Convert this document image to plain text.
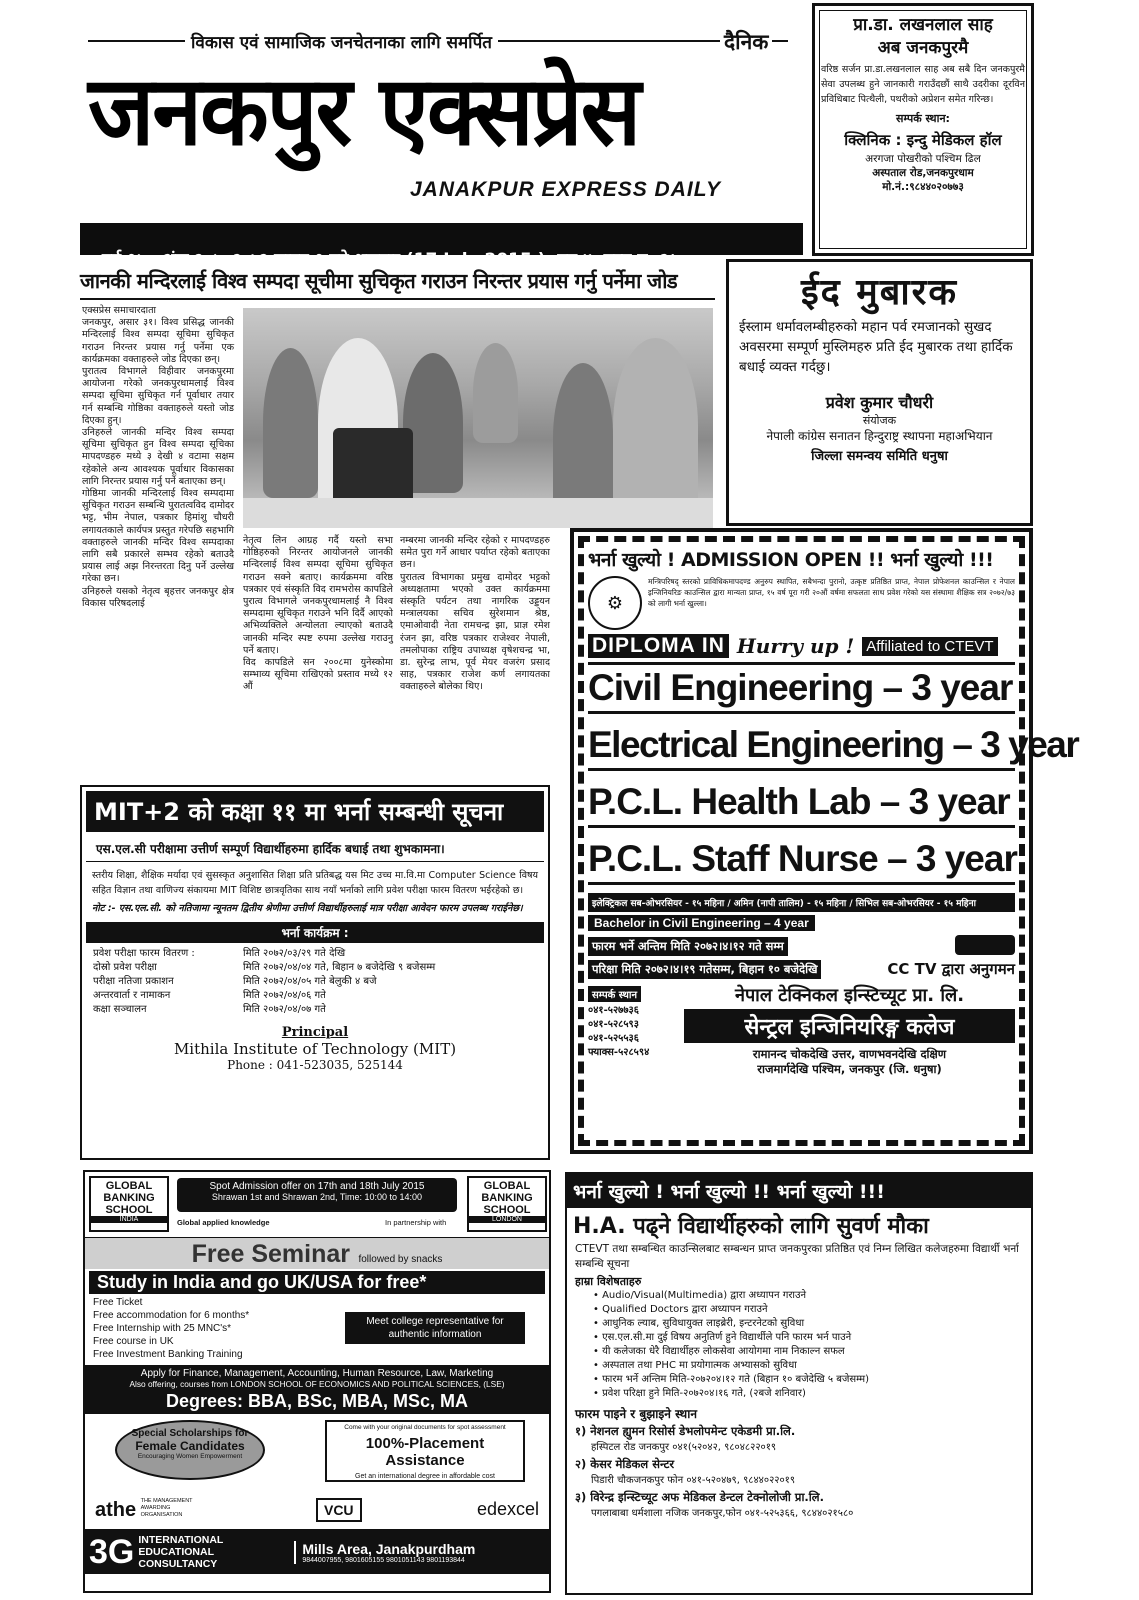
विकास एवं सामाजिक जनचेतनाका लागि समर्पित	दैनिक
जनकपुर एक्सप्रेस
JANAKPUR EXPRESS DAILY

वर्ष १५   अंक ३०५  २०७२ साउन १ गते शुक्रवार (17 July 2015 )  पृष्ठ ४  मूल्य रु. ३।-

प्रा.डा. लखनलाल साह
अब जनकपुरमै
वरिष्ठ सर्जन प्रा.डा.लखनलाल साह अब सबै दिन जनकपुरमै सेवा उपलब्ध हुने जानकारी गराउँदछौं साथै उदरीका दूरविन प्रविधिबाट पित्थैली, पथरीको अप्रेशन समेत गरिन्छ।
सम्पर्क स्थान:
क्लिनिक : इन्दु मेडिकल हॉल
अरगजा पोखरीको पश्चिम ढिल
अस्पताल रोड,जनकपुरधाम
मो.नं.:९८४४०२०७७३
जानकी मन्दिरलाई विश्व सम्पदा सूचीमा सुचिकृत गराउन निरन्तर प्रयास गर्नु पर्नेमा जोड
एक्सप्रेस समाचारदाता
जनकपुर, असार ३१। विश्व प्रसिद्ध जानकी मन्दिरलाई विश्व सम्पदा सूचिमा सुचिकृत गराउन निरन्तर प्रयास गर्नु पर्नेमा एक कार्यक्रमका वक्ताहरुले जोड दिएका छन्।
पुरातत्व विभागले विहीवार जनकपुरमा आयोजना गरेको जनकपुरधामलाई विश्व सम्पदा सूचिमा सुचिकृत गर्न पूर्वाधार तयार गर्न सम्बन्धि गोष्ठिका वक्ताहरुले यस्तो जोड दिएका हुन्।
उनिहरुले जानकी मन्दिर विश्व सम्पदा सूचिमा सुचिकृत हुन विश्व सम्पदा सूचिका मापदण्डहरु मध्ये ३ देखी ४ वटामा सक्षम रहेकोले अन्य आवश्यक पूर्वाधार विकासका लागि निरन्तर प्रयास गर्नु पर्ने बताएका छन्।
गोष्ठिमा जानकी मन्दिरलाई विश्व सम्पदामा सुचिकृत गराउन सम्बन्धि पुरातत्वविद दामोदर भट्ट, भीम नेपाल, पत्रकार हिमांशु चौधरी लगायतकाले कार्यपत्र प्रस्तुत गरेपछि सहभागि वक्ताहरुले जानकी मन्दिर विश्व सम्पदाका लागि सबै प्रकारले सम्भव रहेको बताउदै प्रयास लाई अझ निरन्तरता दिनु पर्ने उल्लेख गरेका छन।
उनिहरुले यसको नेतृत्व बृहत्तर जनकपुर क्षेत्र विकास परिषदलाई
नेतृत्व लिन आग्रह गर्दै यस्तो सभा गोष्ठिहरुको निरन्तर आयोजनले जानकी मन्दिरलाई विश्व सम्पदा सूचिमा सुचिकृत गराउन सक्ने बताए। कार्यक्रममा वरिष्ठ पत्रकार एवं संस्कृति विद रामभरोस कापडिले पुरात्व विभागले जनकपुरधामलाई नै विश्व सम्पदामा सूचिकृत गराउने भनि दिर्दै आएको अभिव्यक्तिले अन्योलता ल्याएको बताउदै जानकी मन्दिर स्पष्ट रुपमा उल्लेख गराउनु पर्ने बताए।
विद कापडिले सन २००८मा युनेस्कोमा सम्भाव्य सूचिमा राखिएको प्रस्ताव मध्ये १२ औं
नम्बरमा जानकी मन्दिर रहेको र मापदण्डहरु समेत पुरा गर्ने आधार पर्याप्त रहेको बताएका छन।
पुरातत्व विभागका प्रमुख दामोदर भट्टको अध्यक्षतामा भएको उक्त कार्यक्रममा संस्कृति पर्यटन तथा नागरिक उड्डयन मन्त्रालयका सचिव सुरेशमान श्रेष्ठ, एमाओवादी नेता रामचन्द्र झा, प्राज्ञ रमेश रंजन झा, वरिष्ठ पत्रकार राजेश्वर नेपाली, तमलोपाका राष्ट्रिय उपाध्यक्ष वृषेशचन्द्र भा, डा. सुरेन्द्र लाभ, पूर्व मेयर वजरंग प्रसाद साह, पत्रकार राजेश कर्ण लगायतका वक्ताहरुले बोलेका थिए।
ईद मुबारक
ईस्लाम धर्मावलम्बीहरुको महान पर्व रमजानको सुखद अवसरमा सम्पूर्ण मुस्लिमहरु प्रति ईद मुबारक तथा हार्दिक बधाई व्यक्त गर्दछु।
प्रवेश कुमार चौधरी
संयोजक
नेपाली कांग्रेस सनातन हिन्दुराष्ट्र स्थापना महाअभियान
जिल्ला समन्वय समिति धनुषा
भर्ना खुल्यो ! ADMISSION OPEN !! भर्ना खुल्यो !!!
⚙
मन्त्रिपरिषद् स्तरको प्राविधिकमापदण्ड अनुरुप स्थापित, सबैभन्दा पुरानो, उत्कृष्ट प्रतिष्ठित प्राप्त, नेपाल प्रोफेशनल काउन्सिल र नेपाल इन्जिनियरिङ काउन्सिल द्वारा मान्यता प्राप्त, १५ वर्ष पूरा गरी २०औं वर्षमा सफलता साथ प्रवेश गरेको यस संस्थामा शैक्षिक सत्र २०७२/७३ को लागी भर्ना खुल्ला।
DIPLOMA IN Hurry up ! Affiliated to CTEVT
Civil Engineering – 3 year
Electrical Engineering – 3 year
P.C.L. Health Lab – 3 year
P.C.L. Staff Nurse – 3 year
इलेक्ट्रिकल सब-ओभरसियर - १५ महिना / अमिन (नापी तालिम) - १५ महिना / सिभिल सब-ओभरसियर - १५ महिना
Bachelor in Civil Engineering – 4 year
फारम भर्ने अन्तिम मिति २०७२।४।१२ गते सम्म परिक्षा मिति २०७२।४।१९ गतेसम्म, बिहान १० बजेदेखि	CC TV द्वारा अनुगमन
सम्पर्क स्थान
०४१-५२७७३६
०४१-५२८५९३
०४१-५२५५३६
फ्याक्स-५२८५९४
नेपाल टेक्निकल इन्स्टिच्यूट प्रा. लि.
सेन्ट्रल इन्जिनियरिङ्ग कलेज
रामानन्द चोकदेखि उत्तर, वाणभवनदेखि दक्षिण
राजमार्गदेखि पश्चिम, जनकपुर (जि. धनुषा)
MIT+2 को कक्षा ११ मा भर्ना सम्बन्धी सूचना
एस.एल.सी परीक्षामा उत्तीर्ण सम्पूर्ण विद्यार्थीहरुमा हार्दिक बधाई तथा शुभकामना।
स्तरीय शिक्षा, शैक्षिक मर्यादा एवं सुसस्कृत अनुशासित शिक्षा प्रति प्रतिबद्ध यस मिट उच्च मा.वि.मा Computer Science विषय सहित विज्ञान तथा वाणिज्य संकायमा MIT विशिष्ट छात्रवृतिका साथ नयाँ भर्नाको लागि प्रवेश परीक्षा फारम वितरण भईरहेको छ।
नोट :- एस.एल.सी. को नतिजामा न्यूनतम द्वितीय श्रेणीमा उत्तीर्ण विद्यार्थीहरुलाई मात्र परीक्षा आवेदन फारम उपलब्ध गराईनेछ।
भर्ना कार्यक्रम :
प्रवेश परीक्षा फारम वितरण :	मिति २०७२/०३/२९ गते देखि
दोस्रो प्रवेश परीक्षा	मिति २०७२/०४/०४ गते, बिहान ७ बजेदेखि ९ बजेसम्म
परीक्षा नतिजा प्रकाशन	मिति २०७२/०४/०५ गते बेलुकी ४ बजे
अन्तरवार्ता र नामाकन	मिति २०७२/०४/०६ गते
कक्षा सञ्चालन	मिति २०७२/०४/०७ गते
Principal
Mithila Institute of Technology (MIT)
Phone : 041-523035, 525144
GLOBAL BANKING SCHOOL
INDIA
Spot Admission offer on 17th and 18th July 2015
Shrawan 1st and Shrawan 2nd, Time: 10:00 to 14:00
Global applied knowledge	In partnership with
GLOBAL BANKING SCHOOL
LONDON
Free Seminar followed by snacks
Study in India and go UK/USA for free*
Free Ticket
Free accommodation for 6 months*
Free Internship with 25 MNC's*
Free course in UK
Free Investment Banking Training
Meet college representative for authentic information
Apply for Finance, Management, Accounting, Human Resource, Law, Marketing
Also offering, courses from LONDON SCHOOL OF ECONOMICS AND POLITICAL SCIENCES, (LSE)
Degrees: BBA, BSc, MBA, MSc, MA
Special Scholarships for
Female Candidates
Encouraging Women Empowerment
Come with your original documents for spot assessment
100%-Placement Assistance
Get an international degree in affordable cost
athe THE MANAGEMENT AWARDING ORGANISATION	VCU	edexcel
3G INTERNATIONAL EDUCATIONAL CONSULTANCY
Mills Area, Janakpurdham
9844007955, 9801605155 9801051143 9801193844
भर्ना खुल्यो ! भर्ना खुल्यो !! भर्ना खुल्यो !!!
H.A. पढ्ने विद्यार्थीहरुको लागि सुवर्ण मौका
CTEVT तथा सम्बन्धित काउन्सिलबाट सम्बन्धन प्राप्त जनकपुरका प्रतिष्ठित एवं निम्न लिखित कलेजहरुमा विद्यार्थी भर्ना सम्बन्धि सूचना
हाम्रा विशेषताहरु
• Audio/Visual(Multimedia) द्वारा अध्यापन गराउने
• Qualified Doctors द्वारा अध्यापन गराउने
• आधुनिक ल्याब, सुविधायुक्त लाइब्रेरी, इन्टरनेटको सुविधा
• एस.एल.सी.मा दुई विषय अनुतिर्ण हुने विद्यार्थीले पनि फारम भर्न पाउने
• यी कलेजका धेरै विद्यार्थीहरु लोकसेवा आयोगमा नाम निकाल्न सफल
• अस्पताल तथा PHC मा प्रयोगात्मक अभ्यासको सुविधा
• फारम भर्ने अन्तिम मिति-२०७२०४।१२ गते (बिहान १० बजेदेखि ५ बजेसम्म)
• प्रवेश परिक्षा हुने मिति-२०७२०४।१६ गते, (२बजे शनिवार)
फारम पाइने र बुझाइने स्थान
१) नेशनल ह्युमन रिसोर्स डेभलोपमेन्ट एकेडमी प्रा.लि.
हस्पिटल रोड जनकपुर ०४१(५२०४२, ९८०४८२२०१९
२) केसर मेडिकल सेन्टर
पिडारी चौकजनकपुर फोन ०४१-५२०४७९, ९८४४०२२०१९
३) विरेन्द्र इन्स्टिच्यूट अफ मेडिकल डेन्टल टेक्नोलोजी प्रा.लि.
पगलाबाबा धर्मशाला नजिक जनकपुर,फोन ०४१-५२५३६६, ९८४४०२१५८०
